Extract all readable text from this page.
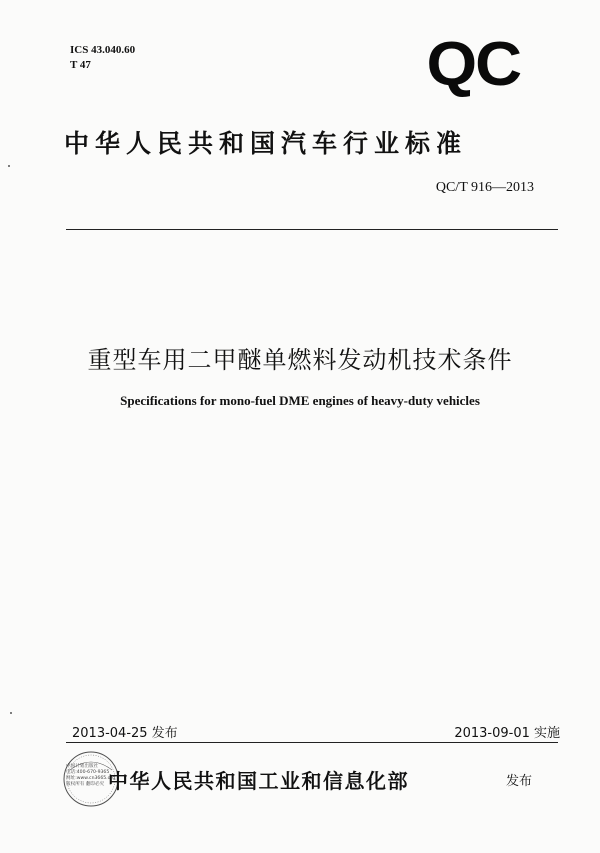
ICS 43.040.60
T 47	QC
中华人民共和国汽车行业标准
QC/T 916—2013
重型车用二甲醚单燃料发动机技术条件
Specifications for mono-fuel DME engines of heavy-duty vehicles
2013-04-25 发布	2013-09-01 实施
中国计划出版社
电话:400-670-9365
网址:www.cn3665.org
版权所有 翻印必究 中华人民共和国工业和信息化部	发布
